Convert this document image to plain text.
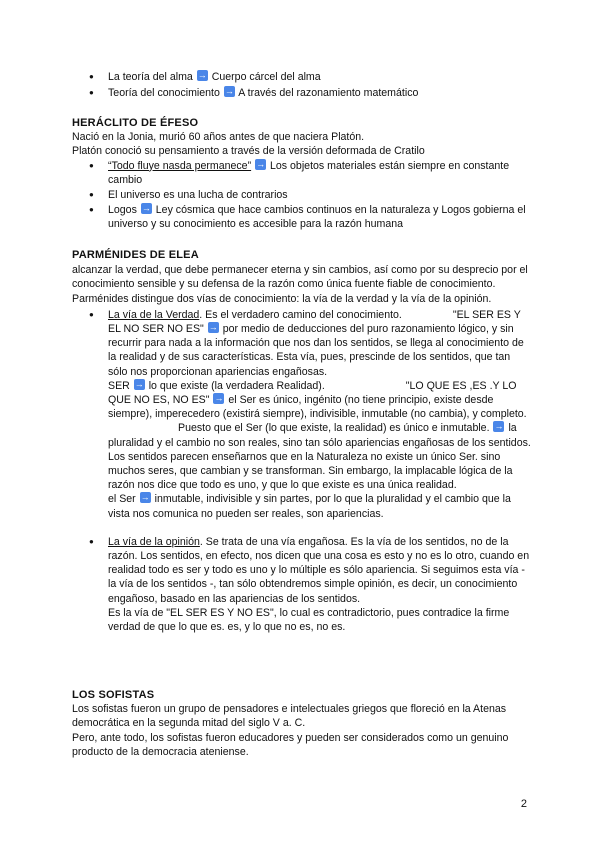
● La teoría del alma → Cuerpo cárcel del alma
● Teoría del conocimiento → A través del razonamiento matemático
HERÁCLITO DE ÉFESO

Nació en la Jonia, murió 60 años antes de que naciera Platón.

Platón conoció su pensamiento a través de la versión deformada de Cratilo

● “Todo fluye nasda permanece” → Los objetos materiales están siempre en constante cambio
● El universo es una lucha de contrarios
● Logos → Ley cósmica que hace cambios continuos en la naturaleza y Logos gobierna el universo y su conocimiento es accesible para la razón humana
PARMÉNIDES DE ELEA

alcanzar la verdad, que debe permanecer eterna y sin cambios, así como por su desprecio por el conocimiento sensible y su defensa de la razón como única fuente fiable de conocimiento. Parménides distingue dos vías de conocimiento: la vía de la verdad y la vía de la opinión.

● La vía de la Verdad. Es el verdadero camino del conocimiento.	"EL SER ES Y EL NO SER NO ES" → por medio de deducciones del puro razonamiento lógico, y sin recurrir para nada a la información que nos dan los sentidos, se llega al conocimiento de la realidad y de sus características. Esta vía, pues, prescinde de los sentidos, que tan sólo nos proporcionan apariencias engañosas.

SER → lo que existe (la verdadera Realidad).	"LO QUE ES ,ES .Y LO QUE NO ES, NO ES" → el Ser es único, ingénito (no tiene principio, existe desde siempre), imperecedero (existirá siempre), indivisible, inmutable (no cambia), y completo. Puesto que el Ser (lo que existe, la realidad) es único e inmutable. → la pluralidad y el cambio no son reales, sino tan sólo apariencias engañosas de los sentidos.

Los sentidos parecen enseñarnos que en la Naturaleza no existe un único Ser. sino muchos seres, que cambian y se transforman. Sin embargo, la implacable lógica de la razón nos dice que todo es uno, y que lo que existe es una única realidad.

el Ser → inmutable, indivisible y sin partes, por lo que la pluralidad y el cambio que la vista nos comunica no pueden ser reales, son apariencias.

● La vía de la opinión. Se trata de una vía engañosa. Es la vía de los sentidos, no de la razón. Los sentidos, en efecto, nos dicen que una cosa es esto y no es lo otro, cuando en realidad todo es ser y todo es uno y lo múltiple es sólo apariencia. Si seguimos esta vía - la vía de los sentidos -, tan sólo obtendremos simple opinión, es decir, un conocimiento engañoso, basado en las apariencias de los sentidos.

Es la vía de "EL SER ES Y NO ES", lo cual es contradictorio, pues contradice la firme verdad de que lo que es. es, y lo que no es, no es.

LOS SOFISTAS

Los sofistas fueron un grupo de pensadores e intelectuales griegos que floreció en la Atenas democrática en la segunda mitad del siglo V a. C.

Pero, ante todo, los sofistas fueron educadores y pueden ser considerados como un genuino producto de la democracia ateniense.

2
